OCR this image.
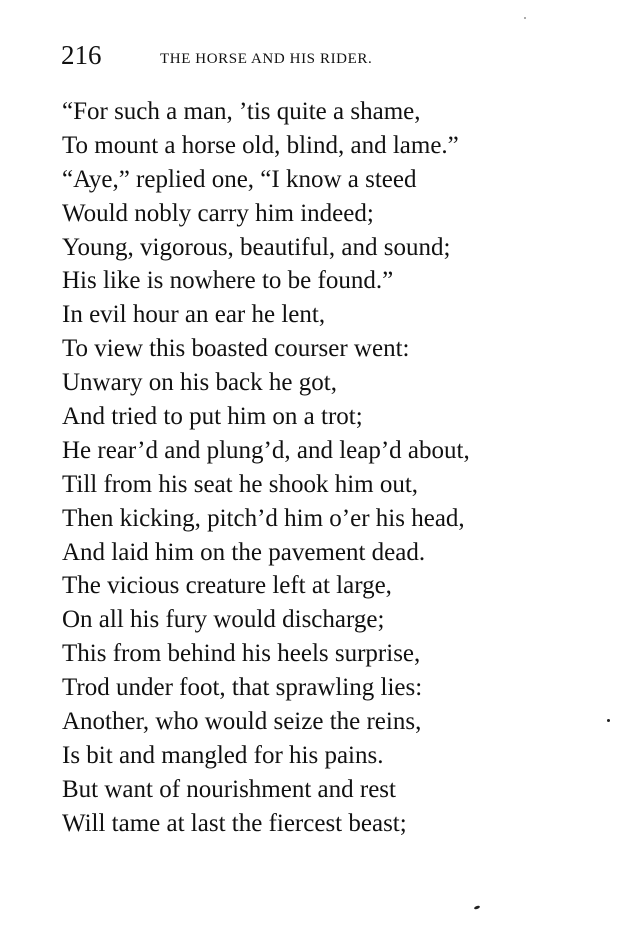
216	THE HORSE AND HIS RIDER.
“For such a man, ’tis quite a shame,
To mount a horse old, blind, and lame.”
“Aye,” replied one, “I know a steed
Would nobly carry him indeed;
Young, vigorous, beautiful, and sound;
His like is nowhere to be found.”
In evil hour an ear he lent,
To view this boasted courser went:
Unwary on his back he got,
And tried to put him on a trot;
He rear’d and plung’d, and leap’d about,
Till from his seat he shook him out,
Then kicking, pitch’d him o’er his head,
And laid him on the pavement dead.
The vicious creature left at large,
On all his fury would discharge;
This from behind his heels surprise,
Trod under foot, that sprawling lies:
Another, who would seize the reins,
Is bit and mangled for his pains.
But want of nourishment and rest
Will tame at last the fiercest beast;
